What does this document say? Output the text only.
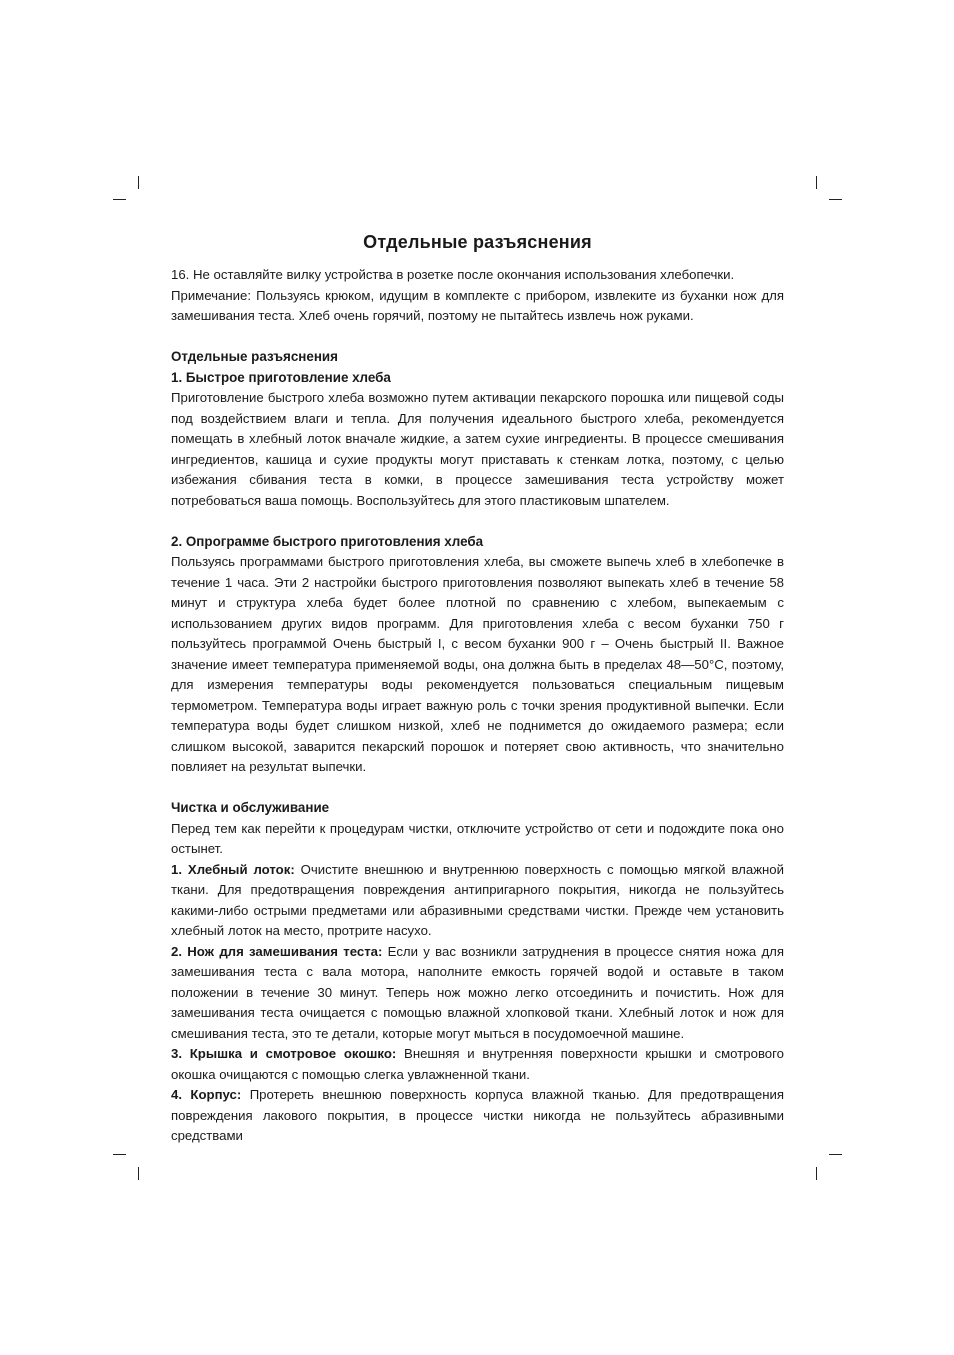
Отдельные разъяснения

16. Не оставляйте вилку устройства в розетке после окончания использования хлебопечки.

Примечание: Пользуясь крюком, идущим в комплекте с прибором, извлеките из буханки нож для замешивания теста. Хлеб очень горячий, поэтому не пытайтесь извлечь нож руками.

Отдельные разъяснения
1. Быстрое приготовление хлеба

Приготовление быстрого хлеба возможно путем активации пекарского порошка или пищевой соды под воздействием влаги и тепла. Для получения идеального быстрого хлеба, рекомендуется помещать в хлебный лоток вначале жидкие, а затем сухие ингредиенты. В процессе смешивания ингредиентов, кашица и сухие продукты могут приставать к стенкам лотка, поэтому, с целью избежания сбивания теста в комки, в процессе замешивания теста устройству может потребоваться ваша помощь. Воспользуйтесь для этого пластиковым шпателем.

2. Опрограмме быстрого приготовления хлеба

Пользуясь программами быстрого приготовления хлеба, вы сможете выпечь хлеб в хлебопечке в течение 1 часа. Эти 2 настройки быстрого приготовления позволяют выпекать хлеб в течение 58 минут и структура хлеба будет более плотной по сравнению с хлебом, выпекаемым с использованием других видов программ. Для приготовления хлеба с весом буханки 750 г пользуйтесь программой Очень быстрый I, с весом буханки 900 г – Очень быстрый II. Важное значение имеет температура применяемой воды, она должна быть в пределах 48—50°C, поэтому, для измерения температуры воды рекомендуется пользоваться специальным пищевым термометром. Температура воды играет важную роль с точки зрения продуктивной выпечки. Если температура воды будет слишком низкой, хлеб не поднимется до ожидаемого размера; если слишком высокой, заварится пекарский порошок и потеряет свою активность, что значительно повлияет на результат выпечки.

Чистка и обслуживание

Перед тем как перейти к процедурам чистки, отключите устройство от сети и подождите пока оно остынет.

1. Хлебный лоток: Очистите внешнюю и внутреннюю поверхность с помощью мягкой влажной ткани. Для предотвращения повреждения антипригарного покрытия, никогда не пользуйтесь какими-либо острыми предметами или абразивными средствами чистки. Прежде чем установить хлебный лоток на место, протрите насухо.

2. Нож для замешивания теста: Если у вас возникли затруднения в процессе снятия ножа для замешивания теста с вала мотора, наполните емкость горячей водой и оставьте в таком положении в течение 30 минут. Теперь нож можно легко отсоединить и почистить. Нож для замешивания теста очищается с помощью влажной хлопковой ткани. Хлебный лоток и нож для смешивания теста, это те детали, которые могут мыться в посудомоечной машине.

3. Крышка и смотровое окошко: Внешняя и внутренняя поверхности крышки и смотрового окошка очищаются с помощью слегка увлажненной ткани.

4. Корпус: Протереть внешнюю поверхность корпуса влажной тканью. Для предотвращения повреждения лакового покрытия, в процессе чистки никогда не пользуйтесь абразивными средствами
